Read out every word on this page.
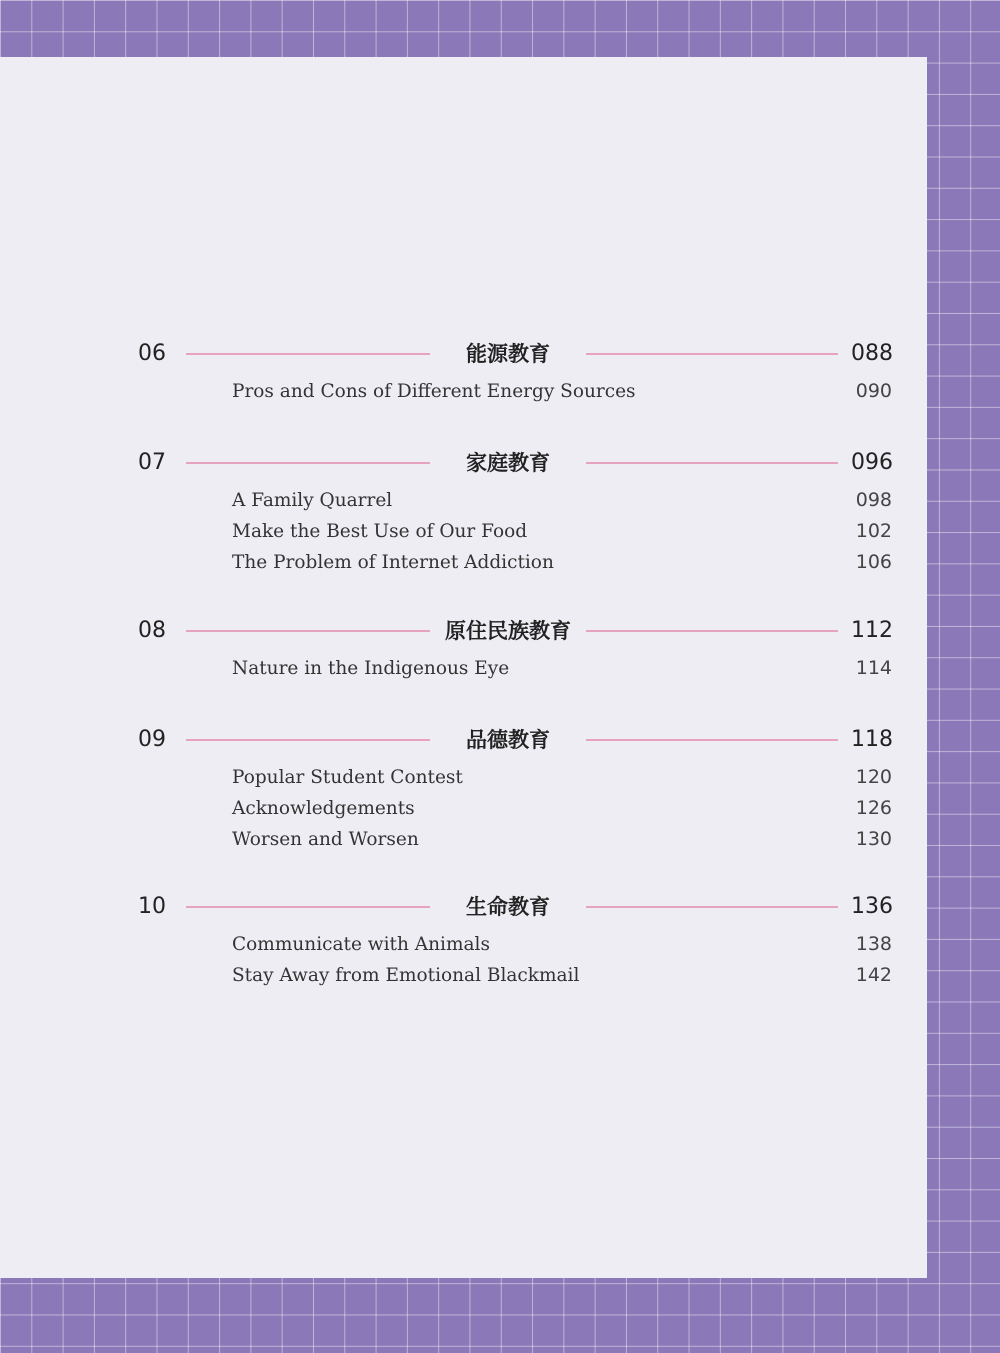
06	能源教育	088
Pros and Cons of Different Energy Sources	090
07	家庭教育	096
A Family Quarrel	098
Make the Best Use of Our Food	102
The Problem of Internet Addiction	106
08	原住民族教育	112
Nature in the Indigenous Eye	114
09	品德教育	118
Popular Student Contest	120
Acknowledgements	126
Worsen and Worsen	130
10	生命教育	136
Communicate with Animals	138
Stay Away from Emotional Blackmail	142
